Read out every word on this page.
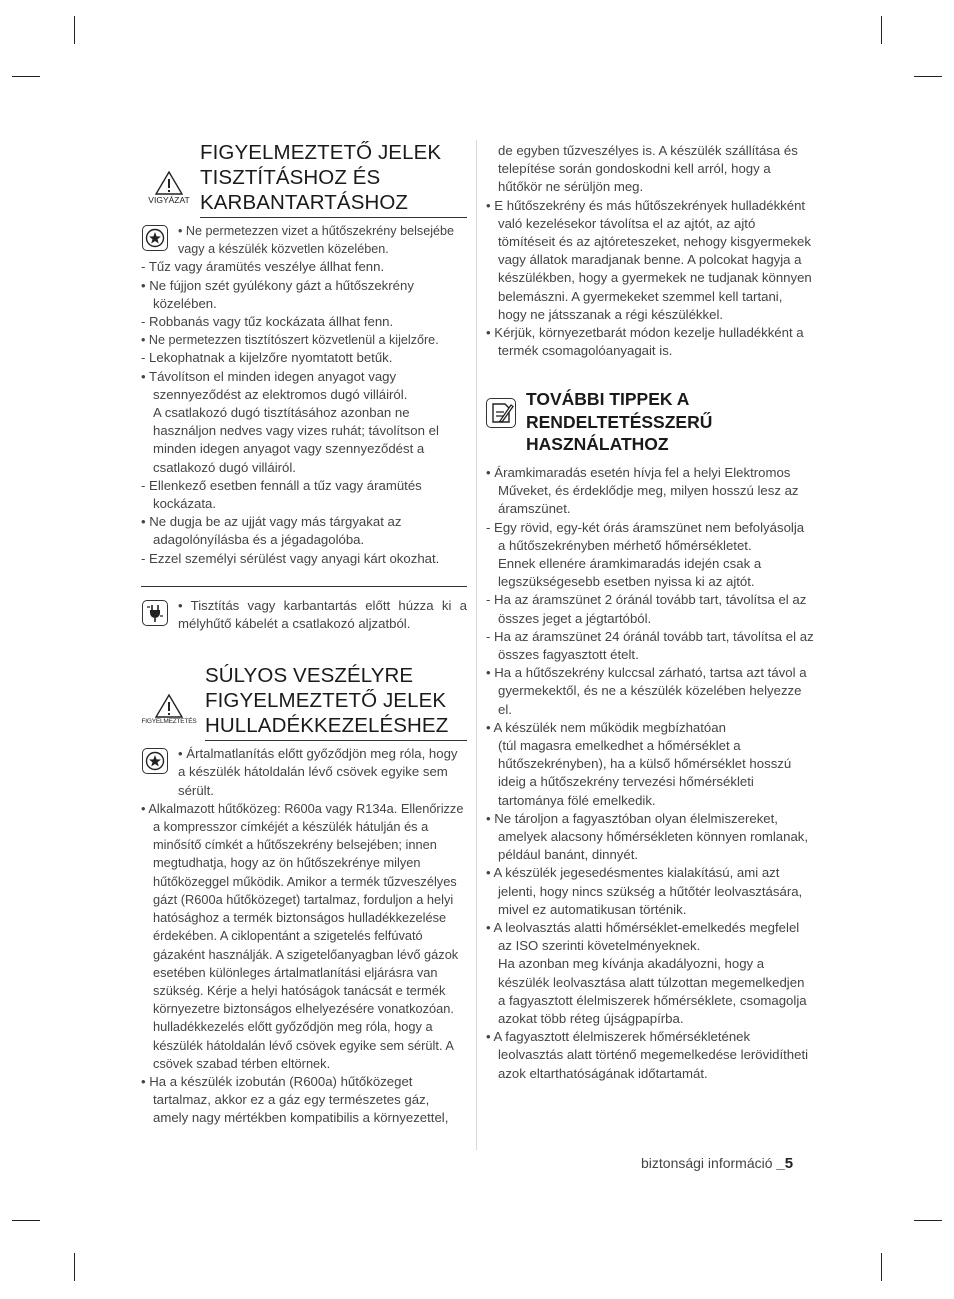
VIGYÁZAT
FIGYELMEZTETŐ JELEK TISZTÍTÁSHOZ ÉS KARBANTARTÁSHOZ

• Ne permetezzen vizet a hűtőszekrény belsejébe vagy a készülék közvetlen közelében.

- Tűz vagy áramütés veszélye állhat fenn.

• Ne fújjon szét gyúlékony gázt a hűtőszekrény közelében.

- Robbanás vagy tűz kockázata állhat fenn.

• Ne permetezzen tisztítószert közvetlenül a kijelzőre.

- Lekophatnak a kijelzőre nyomtatott betűk.

• Távolítson el minden idegen anyagot vagy szennyeződést az elektromos dugó villáiról.

A csatlakozó dugó tisztításához azonban ne használjon nedves vagy vizes ruhát; távolítson el minden idegen anyagot vagy szennyeződést a csatlakozó dugó villáiról.

- Ellenkező esetben fennáll a tűz vagy áramütés kockázata.

• Ne dugja be az ujját vagy más tárgyakat az adagolónyílásba és a jégadagolóba.

- Ezzel személyi sérülést vagy anyagi kárt okozhat.

• Tisztítás vagy karbantartás előtt húzza ki a mélyhűtő kábelét a csatlakozó aljzatból.

FIGYELMEZTETÉS
SÚLYOS VESZÉLYRE FIGYELMEZTETŐ JELEK HULLADÉKKEZELÉSHEZ

• Ártalmatlanítás előtt győződjön meg róla, hogy a készülék hátoldalán lévő csövek egyike sem sérült.

• Alkalmazott hűtőközeg: R600a vagy R134a. Ellenőrizze a kompresszor címkéjét a készülék hátulján és a minősítő címkét a hűtőszekrény belsejében; innen megtudhatja, hogy az ön hűtőszekrénye milyen hűtőközeggel működik. Amikor a termék tűzveszélyes gázt (R600a hűtőközeget) tartalmaz, forduljon a helyi hatósághoz a termék biztonságos hulladékkezelése érdekében. A ciklopentánt a szigetelés felfúvató gázaként használják. A szigetelőanyagban lévő gázok esetében különleges ártalmatlanítási eljárásra van szükség. Kérje a helyi hatóságok tanácsát e termék környezetre biztonságos elhelyezésére vonatkozóan. hulladékkezelés előtt győződjön meg róla, hogy a készülék hátoldalán lévő csövek egyike sem sérült. A csövek szabad térben eltörnek.

• Ha a készülék izobután (R600a) hűtőközeget tartalmaz, akkor ez a gáz egy természetes gáz, amely nagy mértékben kompatibilis a környezettel,

de egyben tűzveszélyes is. A készülék szállítása és telepítése során gondoskodni kell arról, hogy a hűtőkör ne sérüljön meg.

• E hűtőszekrény és más hűtőszekrények hulladékként való kezelésekor távolítsa el az ajtót, az ajtó tömítéseit és az ajtóreteszeket, nehogy kisgyermekek vagy állatok maradjanak benne. A polcokat hagyja a készülékben, hogy a gyermekek ne tudjanak könnyen belemászni. A gyermekeket szemmel kell tartani, hogy ne játsszanak a régi készülékkel.

• Kérjük, környezetbarát módon kezelje hulladékként a termék csomagolóanyagait is.

TOVÁBBI TIPPEK A RENDELTETÉSSZERŰ HASZNÁLATHOZ

• Áramkimaradás esetén hívja fel a helyi Elektromos Műveket, és érdeklődje meg, milyen hosszú lesz az áramszünet.

- Egy rövid, egy-két órás áramszünet nem befolyásolja a hűtőszekrényben mérhető hőmérsékletet.

Ennek ellenére áramkimaradás idején csak a legszükségesebb esetben nyissa ki az ajtót.

- Ha az áramszünet 2 óránál tovább tart, távolítsa el az összes jeget a jégtartóból.

- Ha az áramszünet 24 óránál tovább tart, távolítsa el az összes fagyasztott ételt.

• Ha a hűtőszekrény kulccsal zárható, tartsa azt távol a gyermekektől, és ne a készülék közelében helyezze el.

• A készülék nem működik megbízhatóan

(túl magasra emelkedhet a hőmérséklet a hűtőszekrényben), ha a külső hőmérséklet hosszú ideig a hűtőszekrény tervezési hőmérsékleti tartománya fölé emelkedik.

• Ne tároljon a fagyasztóban olyan élelmiszereket, amelyek alacsony hőmérsékleten könnyen romlanak, például banánt, dinnyét.

• A készülék jegesedésmentes kialakítású, ami azt jelenti, hogy nincs szükség a hűtőtér leolvasztására, mivel ez automatikusan történik.

• A leolvasztás alatti hőmérséklet-emelkedés megfelel az ISO szerinti követelményeknek.

Ha azonban meg kívánja akadályozni, hogy a készülék leolvasztása alatt túlzottan megemelkedjen a fagyasztott élelmiszerek hőmérséklete, csomagolja azokat több réteg újságpapírba.

• A fagyasztott élelmiszerek hőmérsékletének leolvasztás alatt történő megemelkedése lerövidítheti azok eltarthatóságának időtartamát.

biztonsági információ _5
